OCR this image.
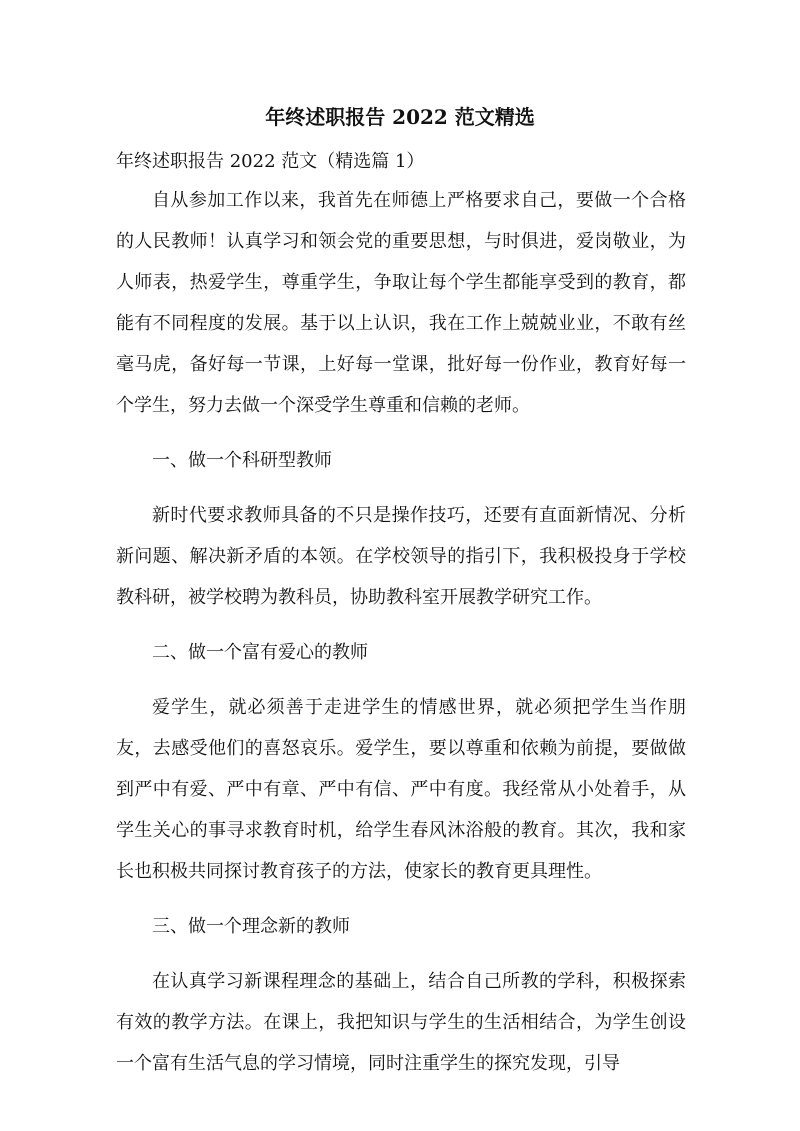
年终述职报告 2022 范文精选

年终述职报告 2022 范文（精选篇 1）

自从参加工作以来，我首先在师德上严格要求自己，要做一个合格的人民教师！认真学习和领会党的重要思想，与时俱进，爱岗敬业，为人师表，热爱学生，尊重学生，争取让每个学生都能享受到的教育，都能有不同程度的发展。基于以上认识，我在工作上兢兢业业，不敢有丝毫马虎，备好每一节课，上好每一堂课，批好每一份作业，教育好每一个学生，努力去做一个深受学生尊重和信赖的老师。

一、做一个科研型教师

新时代要求教师具备的不只是操作技巧，还要有直面新情况、分析新问题、解决新矛盾的本领。在学校领导的指引下，我积极投身于学校教科研，被学校聘为教科员，协助教科室开展教学研究工作。

二、做一个富有爱心的教师

爱学生，就必须善于走进学生的情感世界，就必须把学生当作朋友，去感受他们的喜怒哀乐。爱学生，要以尊重和依赖为前提，要做做到严中有爱、严中有章、严中有信、严中有度。我经常从小处着手，从学生关心的事寻求教育时机，给学生春风沐浴般的教育。其次，我和家长也积极共同探讨教育孩子的方法，使家长的教育更具理性。

三、做一个理念新的教师

在认真学习新课程理念的基础上，结合自己所教的学科，积极探索有效的教学方法。在课上，我把知识与学生的生活相结合，为学生创设一个富有生活气息的学习情境，同时注重学生的探究发现，引导
